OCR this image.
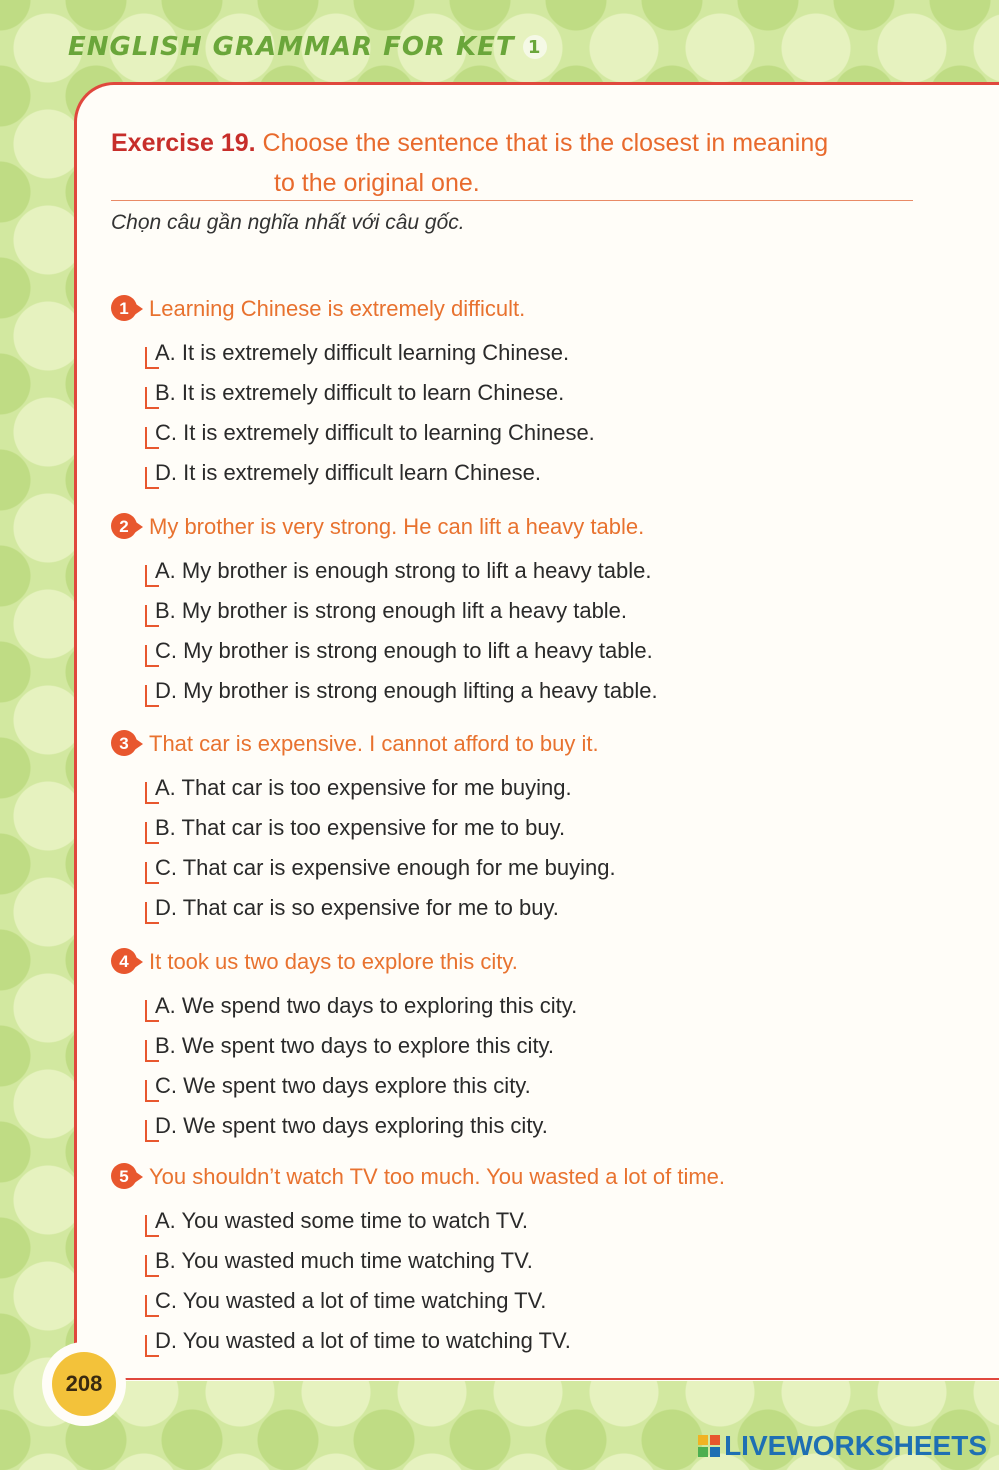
ENGLISH GRAMMAR FOR KET 1
Exercise 19. Choose the sentence that is the closest in meaning
to the original one.
Chọn câu gần nghĩa nhất với câu gốc.
1 Learning Chinese is extremely difficult.
A. It is extremely difficult learning Chinese.
B. It is extremely difficult to learn Chinese.
C. It is extremely difficult to learning Chinese.
D. It is extremely difficult learn Chinese.
2 My brother is very strong. He can lift a heavy table.
A. My brother is enough strong to lift a heavy table.
B. My brother is strong enough lift a heavy table.
C. My brother is strong enough to lift a heavy table.
D. My brother is strong enough lifting a heavy table.
3 That car is expensive. I cannot afford to buy it.
A. That car is too expensive for me buying.
B. That car is too expensive for me to buy.
C. That car is expensive enough for me buying.
D. That car is so expensive for me to buy.
4 It took us two days to explore this city.
A. We spend two days to exploring this city.
B. We spent two days to explore this city.
C. We spent two days explore this city.
D. We spent two days exploring this city.
5 You shouldn’t watch TV too much. You wasted a lot of time.
A. You wasted some time to watch TV.
B. You wasted much time watching TV.
C. You wasted a lot of time watching TV.
D. You wasted a lot of time to watching TV.
208
LIVEWORKSHEETS
